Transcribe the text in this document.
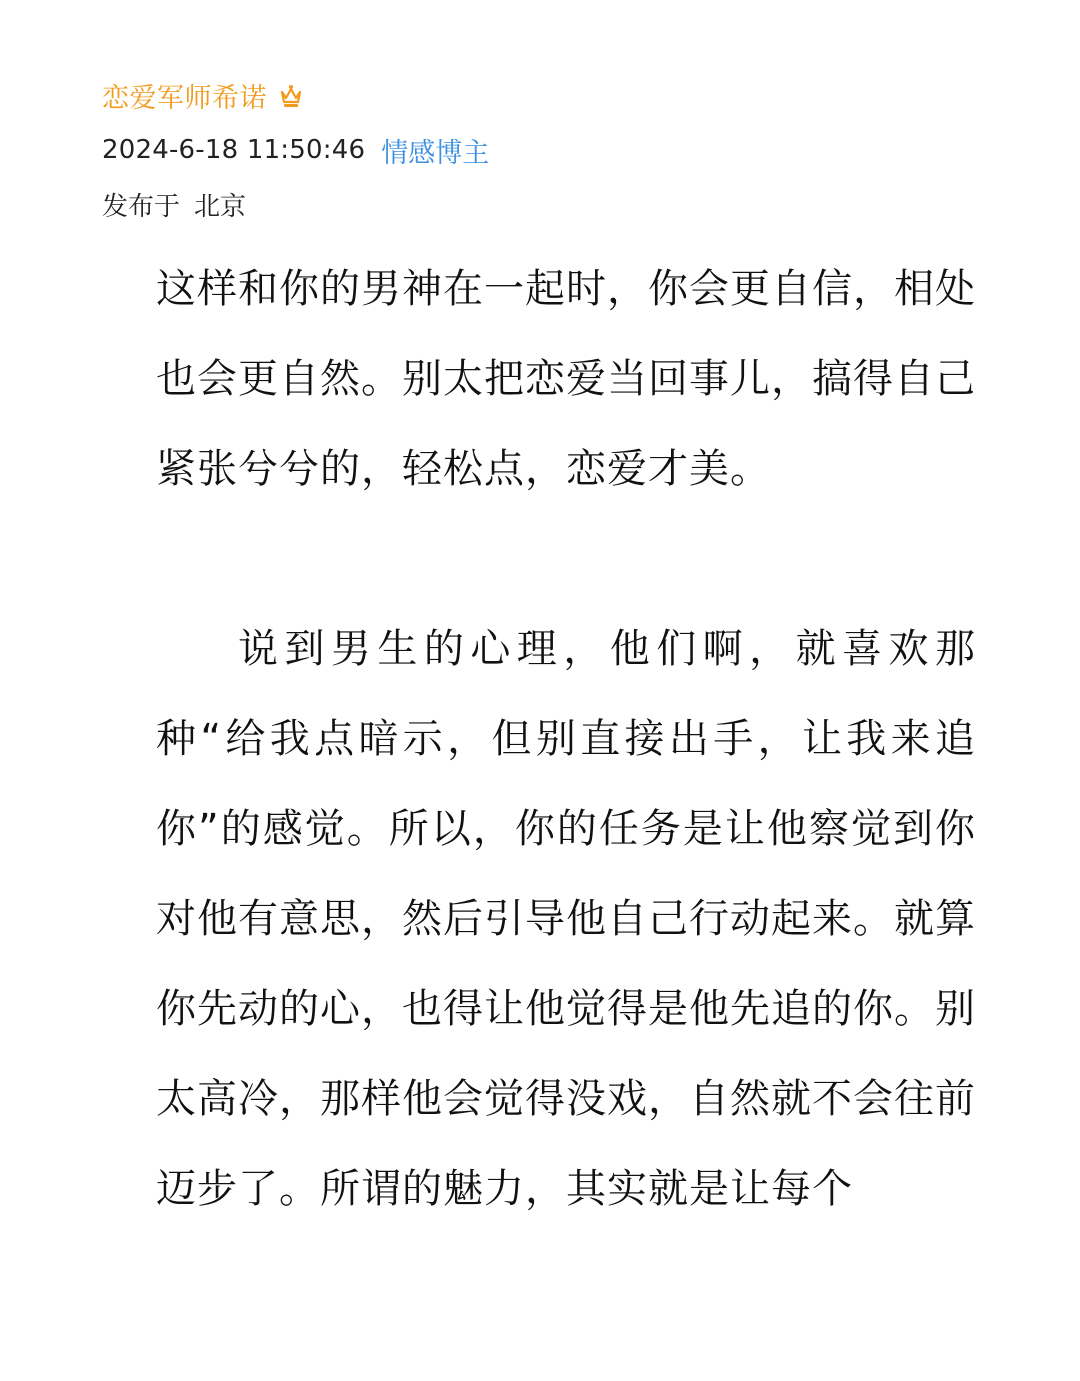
恋爱军师希诺
2024-6-18 11:50:46 情感博主
发布于 北京

这样和你的男神在一起时，你会更自信，相处也会更自然。别太把恋爱当回事儿，搞得自己紧张兮兮的，轻松点，恋爱才美。

说到男生的心理，他们啊，就喜欢那种“给我点暗示，但别直接出手，让我来追你”的感觉。所以，你的任务是让他察觉到你对他有意思，然后引导他自己行动起来。就算你先动的心，也得让他觉得是他先追的你。别太高冷，那样他会觉得没戏，自然就不会往前迈步了。所谓的魅力，其实就是让每个
